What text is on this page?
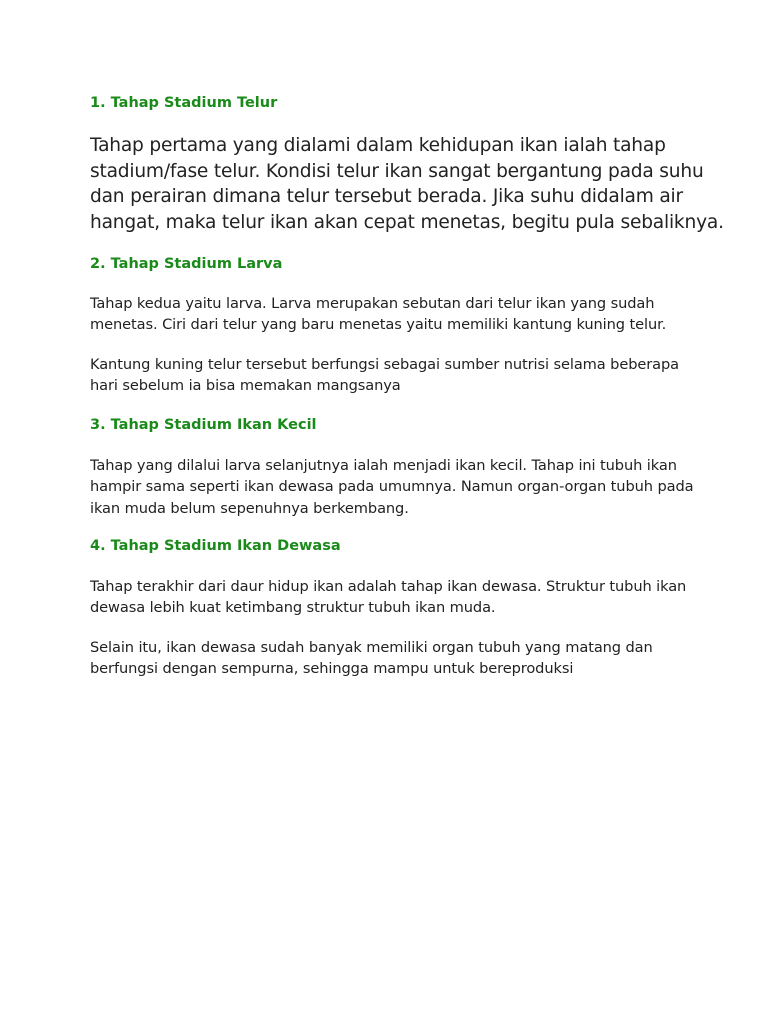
1. Tahap Stadium Telur
Tahap pertama yang dialami dalam kehidupan ikan ialah tahap
stadium/fase telur. Kondisi telur ikan sangat bergantung pada suhu
dan perairan dimana telur tersebut berada. Jika suhu didalam air
hangat, maka telur ikan akan cepat menetas, begitu pula sebaliknya.
2. Tahap Stadium Larva
Tahap kedua yaitu larva. Larva merupakan sebutan dari telur ikan yang sudah
menetas. Ciri dari telur yang baru menetas yaitu memiliki kantung kuning telur.
Kantung kuning telur tersebut berfungsi sebagai sumber nutrisi selama beberapa
hari sebelum ia bisa memakan mangsanya
3. Tahap Stadium Ikan Kecil
Tahap yang dilalui larva selanjutnya ialah menjadi ikan kecil. Tahap ini tubuh ikan
hampir sama seperti ikan dewasa pada umumnya. Namun organ-organ tubuh pada
ikan muda belum sepenuhnya berkembang.
4. Tahap Stadium Ikan Dewasa
Tahap terakhir dari daur hidup ikan adalah tahap ikan dewasa. Struktur tubuh ikan
dewasa lebih kuat ketimbang struktur tubuh ikan muda.
Selain itu, ikan dewasa sudah banyak memiliki organ tubuh yang matang dan
berfungsi dengan sempurna, sehingga mampu untuk bereproduksi
